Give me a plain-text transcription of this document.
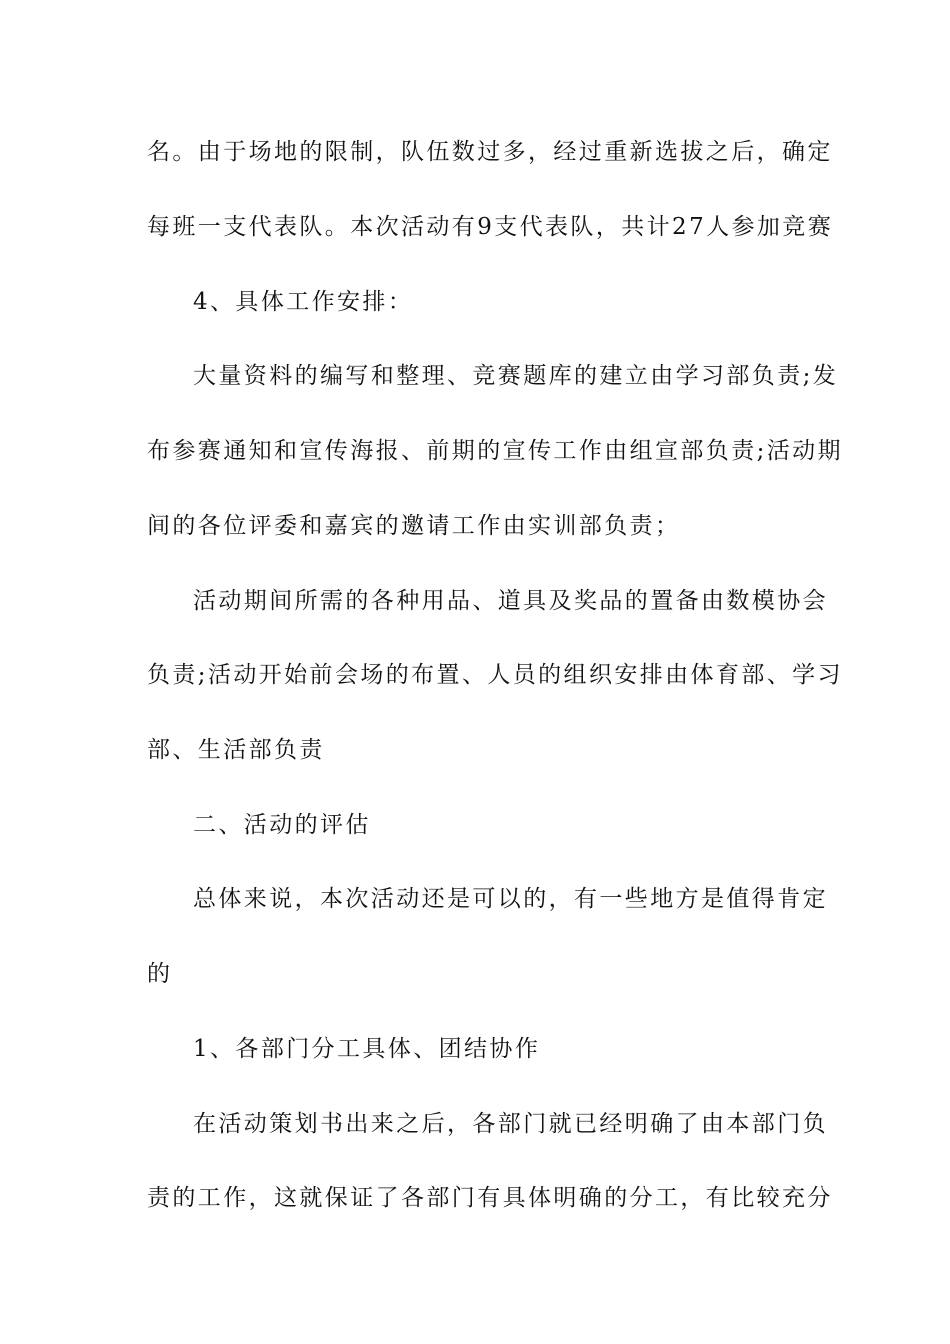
名。由于场地的限制，队伍数过多，经过重新选拔之后，确定
每班一支代表队。本次活动有9支代表队，共计27人参加竞赛
4、具体工作安排：
大量资料的编写和整理、竞赛题库的建立由学习部负责;发
布参赛通知和宣传海报、前期的宣传工作由组宣部负责;活动期
间的各位评委和嘉宾的邀请工作由实训部负责；
活动期间所需的各种用品、道具及奖品的置备由数模协会
负责;活动开始前会场的布置、人员的组织安排由体育部、学习
部、生活部负责
二、活动的评估
总体来说，本次活动还是可以的，有一些地方是值得肯定
的
1、各部门分工具体、团结协作
在活动策划书出来之后，各部门就已经明确了由本部门负
责的工作，这就保证了各部门有具体明确的分工，有比较充分
